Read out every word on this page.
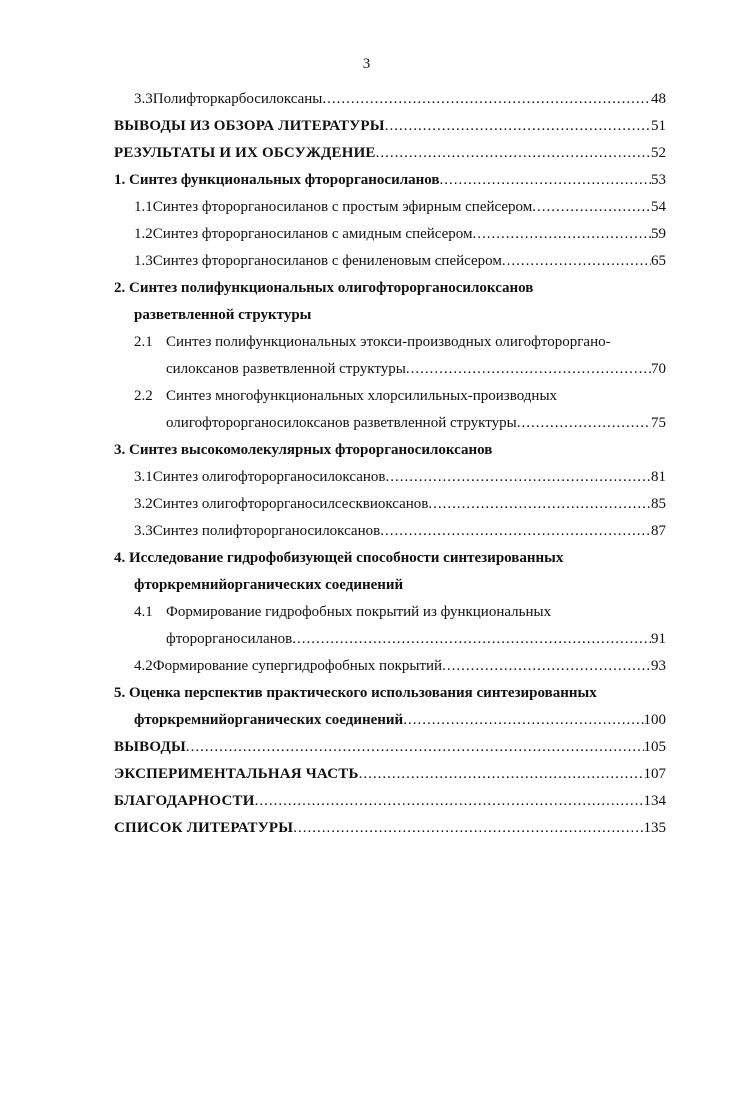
3
3.3 Полифторкарбосилоксаны .....	48
ВЫВОДЫ ИЗ ОБЗОРА ЛИТЕРАТУРЫ .....	51
РЕЗУЛЬТАТЫ И ИХ ОБСУЖДЕНИЕ .....	52
1. Синтез функциональных фторорганосиланов .....	53
1.1 Синтез фторорганосиланов с простым эфирным спейсером .....	54
1.2 Синтез фторорганосиланов с амидным спейсером .....	59
1.3 Синтез фторорганосиланов с фениленовым спейсером .....	65
2. Синтез полифункциональных олигофторорганосилоксанов
разветвленной структуры
2.1 Синтез полифункциональных этокси-производных олигофтороргано-
силоксанов разветвленной структуры .....	70
2.2 Синтез многофункциональных хлорсилильных-производных
олигофторорганосилоксанов разветвленной структуры .....	75
3. Синтез высокомолекулярных фторорганосилоксанов
3.1 Синтез олигофторорганосилоксанов .....	81
3.2 Синтез олигофторорганосилсесквиоксанов .....	85
3.3 Синтез полифторорганосилоксанов .....	87
4. Исследование гидрофобизующей способности синтезированных
фторкремнийорганических соединений
4.1 Формирование гидрофобных покрытий из функциональных
фторорганосиланов .....	91
4.2 Формирование супергидрофобных покрытий .....	93
5. Оценка перспектив практического использования синтезированных
фторкремнийорганических соединений .....	100
ВЫВОДЫ .....	105
ЭКСПЕРИМЕНТАЛЬНАЯ ЧАСТЬ .....	107
БЛАГОДАРНОСТИ .....	134
СПИСОК ЛИТЕРАТУРЫ .....	135
